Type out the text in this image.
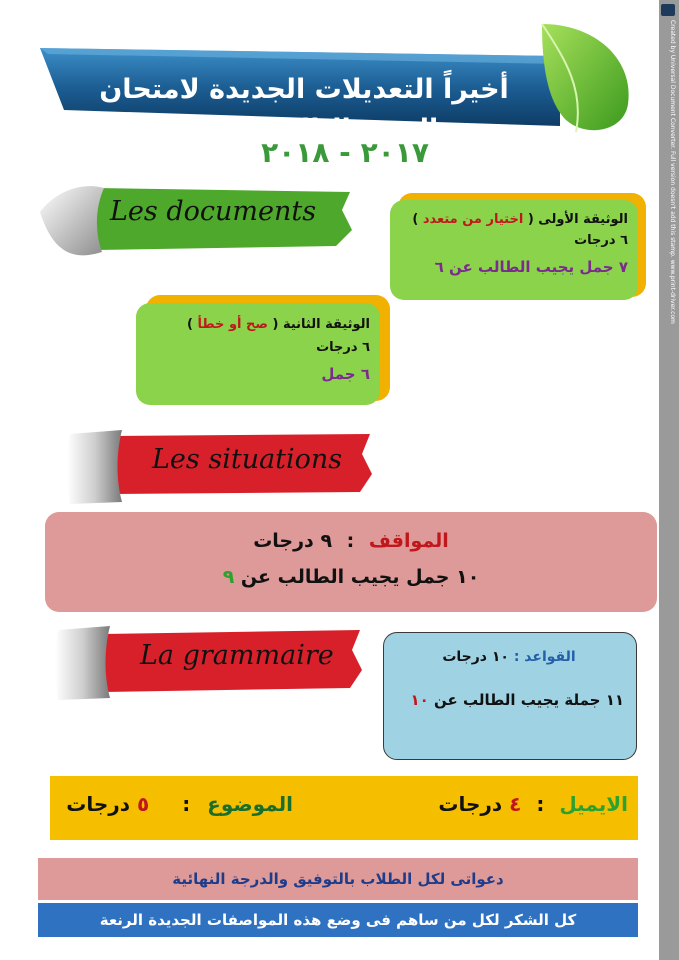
Created by Universal Document Converter. Full version doesn't add this stamp. www.print-driver.com
أخيراً التعديلات الجديدة لامتحان الصف الثالث الثانوى
٢٠١٧ - ٢٠١٨
Les documents	الوثيقة الأولى ( اختيار من متعدد )
٦ درجات
٧ جمل يجيب الطالب عن ٦
الوثيقة الثانية ( صح أو خطأ )
٦ درجات
٦ جمل
Les situations
المواقف : ٩ درجات
١٠ جمل يجيب الطالب عن ٩
La grammaire	القواعد : ١٠ درجات
١١ جملة يجيب الطالب عن ١٠
الايميل : ٤ درجات
الموضوع : ٥ درجات
دعواتى لكل الطلاب بالتوفيق والدرجة النهائية
كل الشكر لكل من ساهم فى وضع هذه المواصفات الجديدة الرنعة
